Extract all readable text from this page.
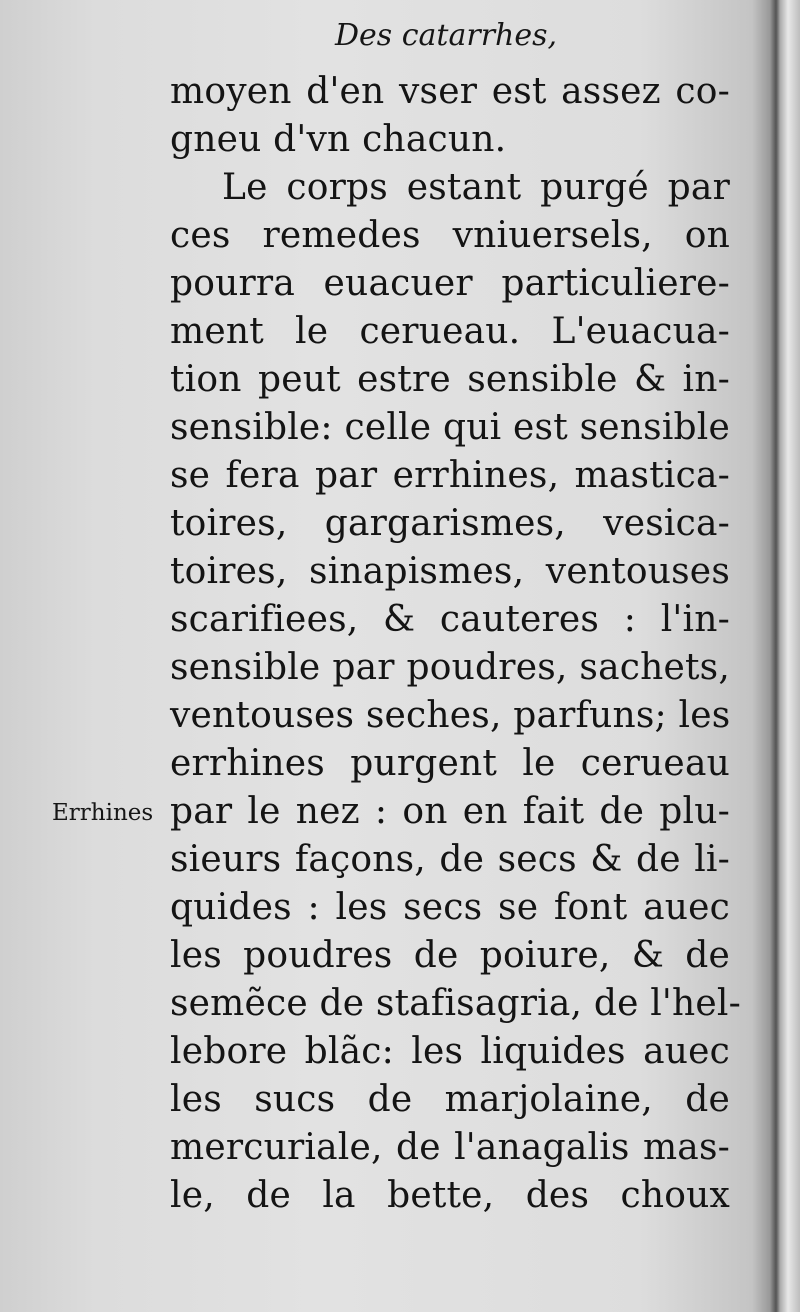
Des catarrhes,
moyen d'en vser est assez co-
gneu d'vn chacun.
Le corps estant purgé par
ces remedes vniuersels, on
pourra euacuer particuliere-
ment le cerueau. L'euacua-
tion peut estre sensible & in-
sensible: celle qui est sensible
se fera par errhines, mastica-
toires, gargarismes, vesica-
toires, sinapismes, ventouses
scarifiees, & cauteres : l'in-
sensible par poudres, sachets,
ventouses seches, parfuns; les
errhines purgent le cerueau
par le nez : on en fait de plu-
sieurs façons, de secs & de li-
quides : les secs se font auec
les poudres de poiure, & de
semẽce de stafisagria, de l'hel-
lebore blãc: les liquides auec
les sucs de marjolaine, de
mercuriale, de l'anagalis mas-
le, de la bette, des choux
Errhines
